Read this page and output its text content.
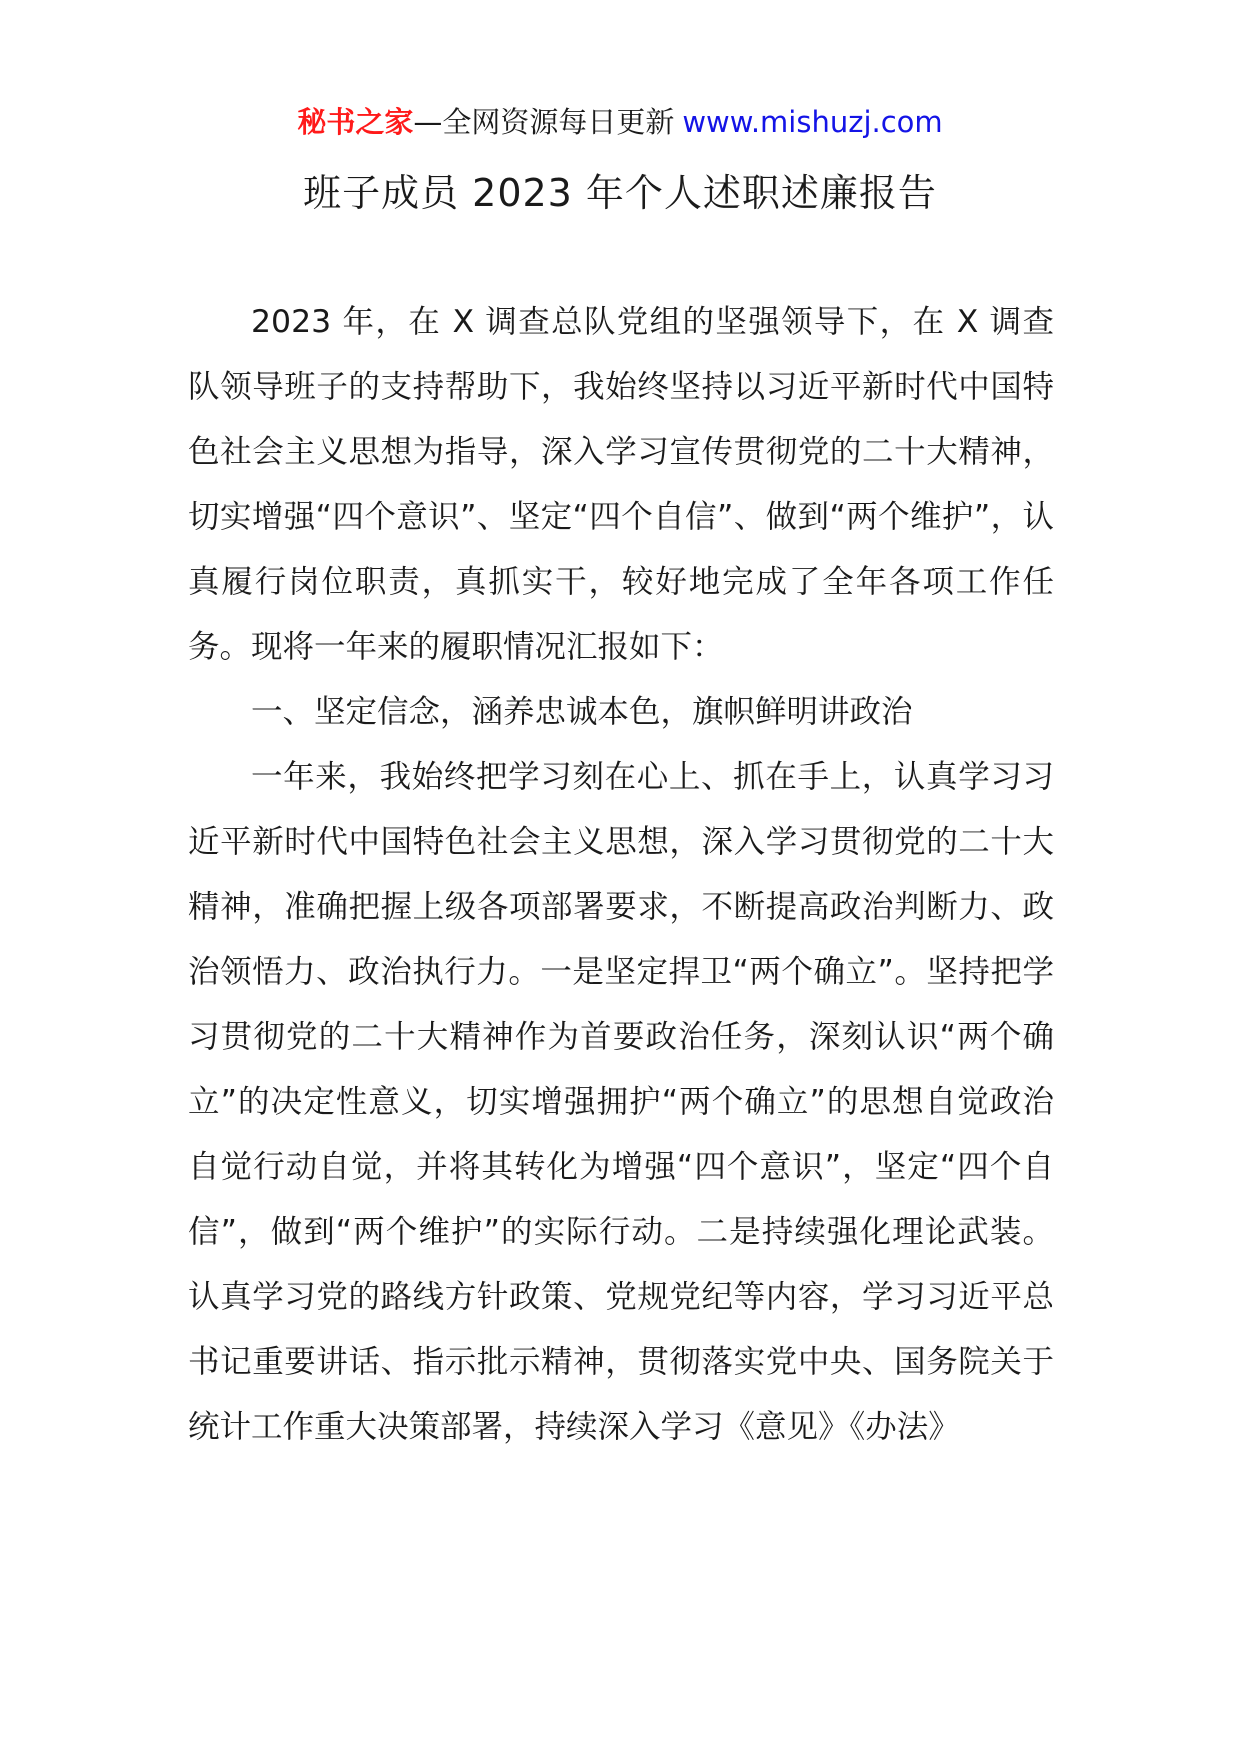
秘书之家—全网资源每日更新 www.mishuzj.com
班子成员 2023 年个人述职述廉报告

2023 年，在 X 调查总队党组的坚强领导下，在 X 调查队领导班子的支持帮助下，我始终坚持以习近平新时代中国特色社会主义思想为指导，深入学习宣传贯彻党的二十大精神，切实增强“四个意识”、坚定“四个自信”、做到“两个维护”，认真履行岗位职责，真抓实干，较好地完成了全年各项工作任务。现将一年来的履职情况汇报如下：

一、坚定信念，涵养忠诚本色，旗帜鲜明讲政治

一年来，我始终把学习刻在心上、抓在手上，认真学习习近平新时代中国特色社会主义思想，深入学习贯彻党的二十大精神，准确把握上级各项部署要求，不断提高政治判断力、政治领悟力、政治执行力。一是坚定捍卫“两个确立”。坚持把学习贯彻党的二十大精神作为首要政治任务，深刻认识“两个确立”的决定性意义，切实增强拥护“两个确立”的思想自觉政治自觉行动自觉，并将其转化为增强“四个意识”，坚定“四个自信”，做到“两个维护”的实际行动。二是持续强化理论武装。认真学习党的路线方针政策、党规党纪等内容，学习习近平总书记重要讲话、指示批示精神，贯彻落实党中央、国务院关于统计工作重大决策部署，持续深入学习《意见》《办法》
